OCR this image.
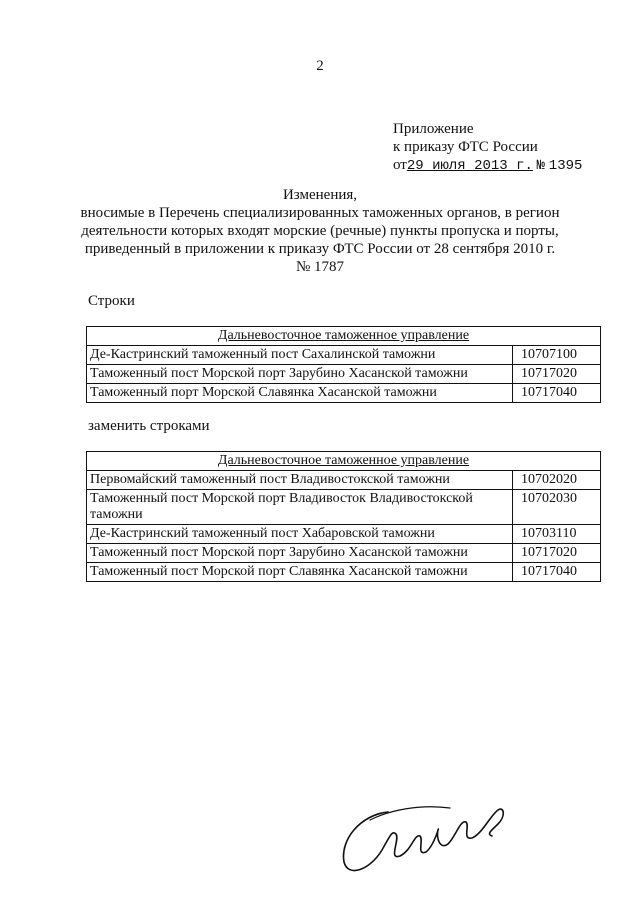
2
Приложение
к приказу ФТС России
от29 июля 2013 г. № 1395
Изменения,
вносимые в Перечень специализированных таможенных органов, в регион
деятельности которых входят морские (речные) пункты пропуска и порты,
приведенный в приложении к приказу ФТС России от 28 сентября 2010 г.
№ 1787
Строки
Дальневосточное таможенное управление	
Де-Кастринский таможенный пост Сахалинской таможни	10707100
Таможенный пост Морской порт Зарубино Хасанской таможни	10717020
Таможенный порт Морской Славянка Хасанской таможни	10717040
заменить строками
Дальневосточное таможенное управление	
Первомайский таможенный пост Владивостокской таможни	10702020
Таможенный пост Морской порт Владивосток Владивостокской таможни	10702030
Де-Кастринский таможенный пост Хабаровской таможни	10703110
Таможенный пост Морской порт Зарубино Хасанской таможни	10717020
Таможенный пост Морской порт Славянка Хасанской таможни	10717040
